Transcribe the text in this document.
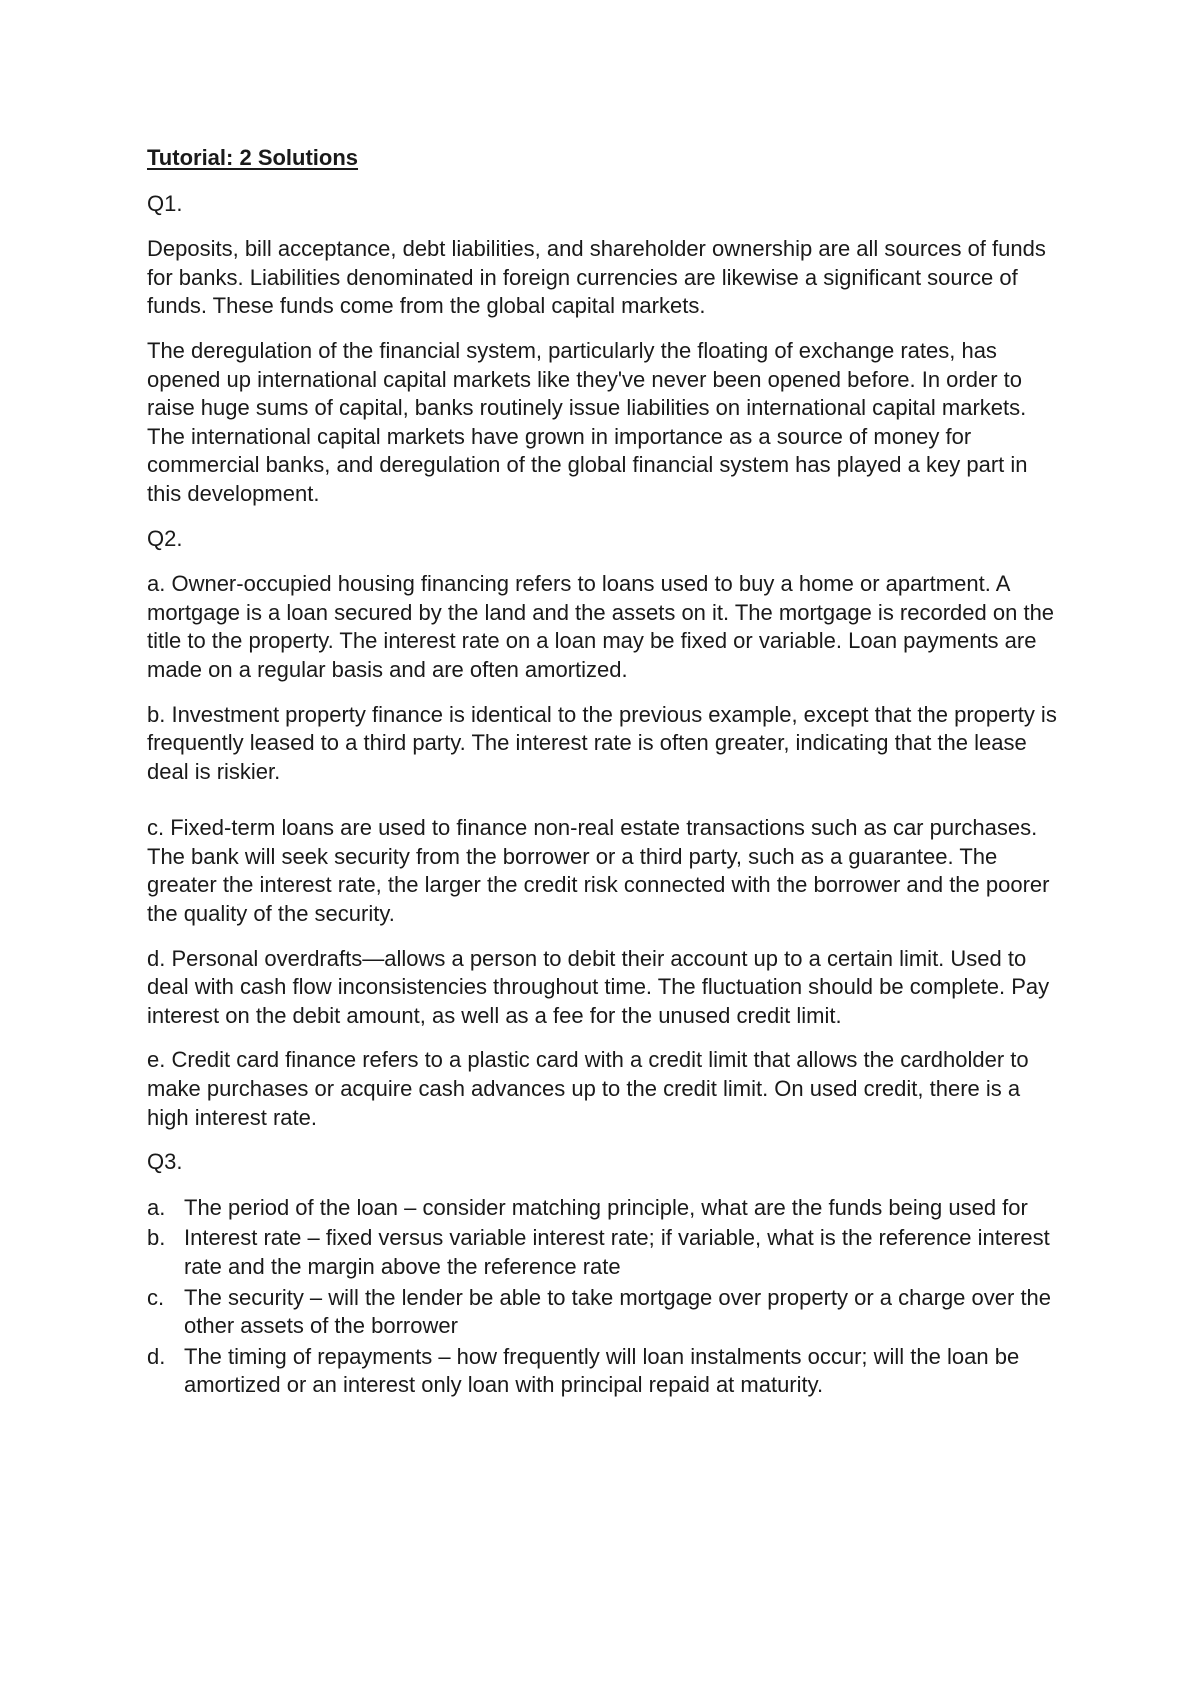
Tutorial: 2 Solutions
Q1.
Deposits, bill acceptance, debt liabilities, and shareholder ownership are all sources of funds for banks. Liabilities denominated in foreign currencies are likewise a significant source of funds. These funds come from the global capital markets.
The deregulation of the financial system, particularly the floating of exchange rates, has opened up international capital markets like they've never been opened before. In order to raise huge sums of capital, banks routinely issue liabilities on international capital markets. The international capital markets have grown in importance as a source of money for commercial banks, and deregulation of the global financial system has played a key part in this development.
Q2.
a. Owner-occupied housing financing refers to loans used to buy a home or apartment. A mortgage is a loan secured by the land and the assets on it. The mortgage is recorded on the title to the property. The interest rate on a loan may be fixed or variable. Loan payments are made on a regular basis and are often amortized.
b. Investment property finance is identical to the previous example, except that the property is frequently leased to a third party. The interest rate is often greater, indicating that the lease deal is riskier.
c. Fixed-term loans are used to finance non-real estate transactions such as car purchases. The bank will seek security from the borrower or a third party, such as a guarantee. The greater the interest rate, the larger the credit risk connected with the borrower and the poorer the quality of the security.
d. Personal overdrafts—allows a person to debit their account up to a certain limit. Used to deal with cash flow inconsistencies throughout time. The fluctuation should be complete. Pay interest on the debit amount, as well as a fee for the unused credit limit.
e. Credit card finance refers to a plastic card with a credit limit that allows the cardholder to make purchases or acquire cash advances up to the credit limit. On used credit, there is a high interest rate.
Q3.
a. The period of the loan – consider matching principle, what are the funds being used for
b. Interest rate – fixed versus variable interest rate; if variable, what is the reference interest rate and the margin above the reference rate
c. The security – will the lender be able to take mortgage over property or a charge over the other assets of the borrower
d. The timing of repayments – how frequently will loan instalments occur; will the loan be amortized or an interest only loan with principal repaid at maturity.
